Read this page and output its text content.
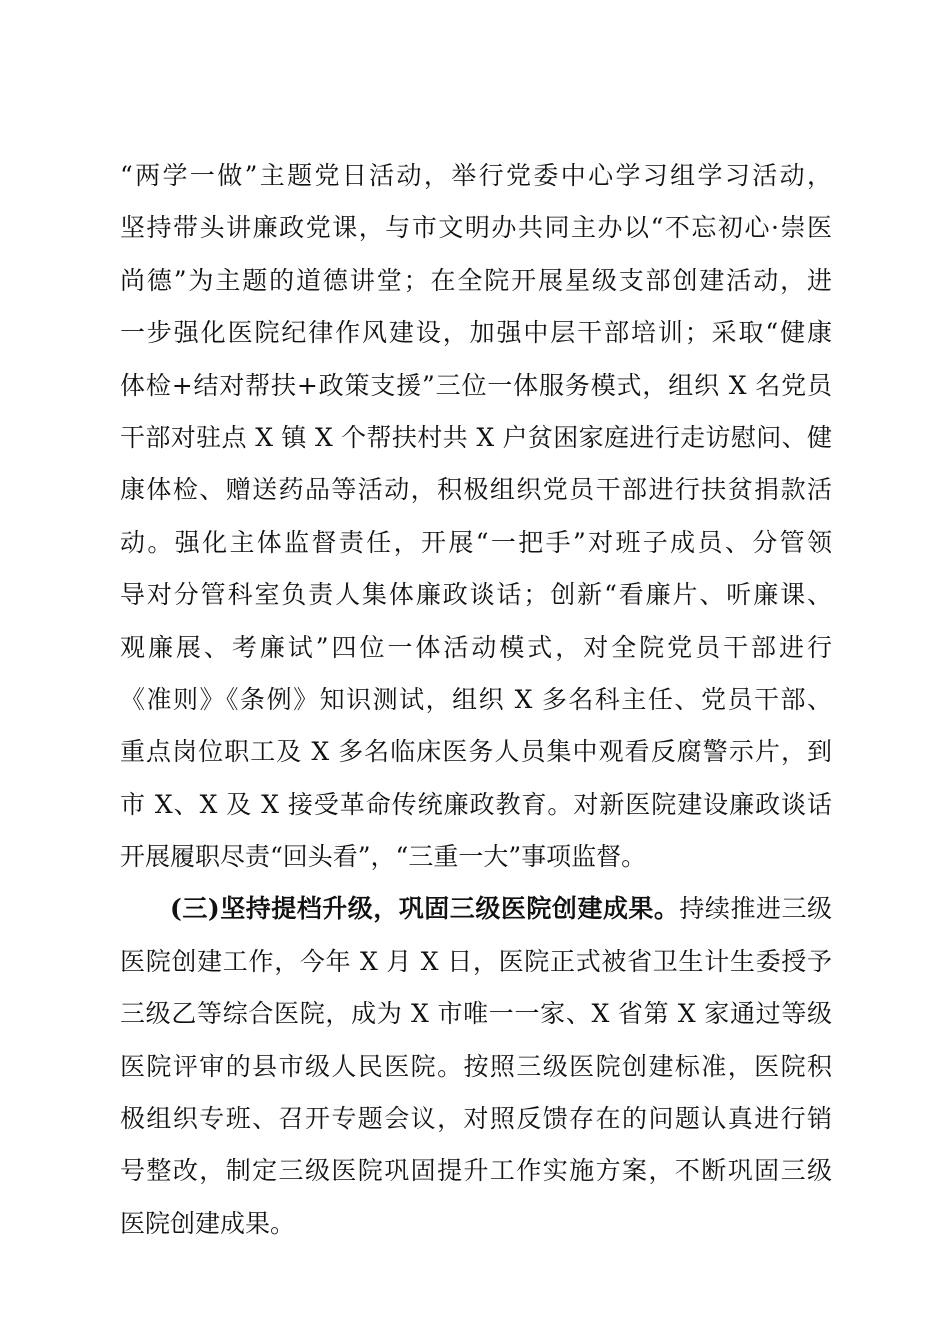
“两学一做”主题党日活动，举行党委中心学习组学习活动，
坚持带头讲廉政党课，与市文明办共同主办以“不忘初心·崇医
尚德”为主题的道德讲堂；在全院开展星级支部创建活动，进
一步强化医院纪律作风建设，加强中层干部培训；采取“健康
体检+结对帮扶+政策支援”三位一体服务模式，组织 X 名党员
干部对驻点 X 镇 X 个帮扶村共 X 户贫困家庭进行走访慰问、健
康体检、赠送药品等活动，积极组织党员干部进行扶贫捐款活
动。强化主体监督责任，开展“一把手”对班子成员、分管领
导对分管科室负责人集体廉政谈话；创新“看廉片、听廉课、
观廉展、考廉试”四位一体活动模式，对全院党员干部进行
《准则》《条例》知识测试，组织 X 多名科主任、党员干部、
重点岗位职工及 X 多名临床医务人员集中观看反腐警示片，到
市 X、X 及 X 接受革命传统廉政教育。对新医院建设廉政谈话
开展履职尽责“回头看”，“三重一大”事项监督。
(三)坚持提档升级，巩固三级医院创建成果。持续推进三级
医院创建工作，今年 X 月 X 日，医院正式被省卫生计生委授予
三级乙等综合医院，成为 X 市唯一一家、X 省第 X 家通过等级
医院评审的县市级人民医院。按照三级医院创建标准，医院积
极组织专班、召开专题会议，对照反馈存在的问题认真进行销
号整改，制定三级医院巩固提升工作实施方案，不断巩固三级
医院创建成果。
